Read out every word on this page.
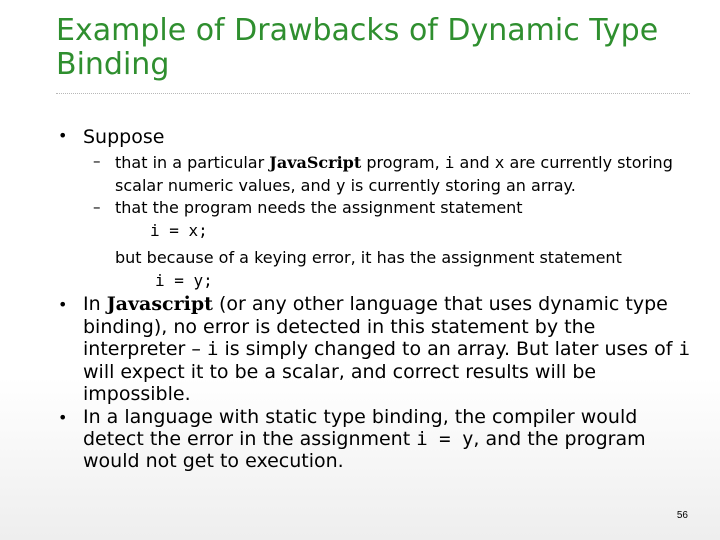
Example of Drawbacks of Dynamic Type Binding
• Suppose
– that in a particular JavaScript program, i and x are currently storing scalar numeric values, and y is currently storing an array.
– that the program needs the assignment statement
i = x;
but because of a keying error, it has the assignment statement
i = y;
• In Javascript (or any other language that uses dynamic type binding), no error is detected in this statement by the interpreter – i is simply changed to an array. But later uses of i will expect it to be a scalar, and correct results will be impossible.
• In a language with static type binding, the compiler would detect the error in the assignment i = y, and the program would not get to execution.
56
